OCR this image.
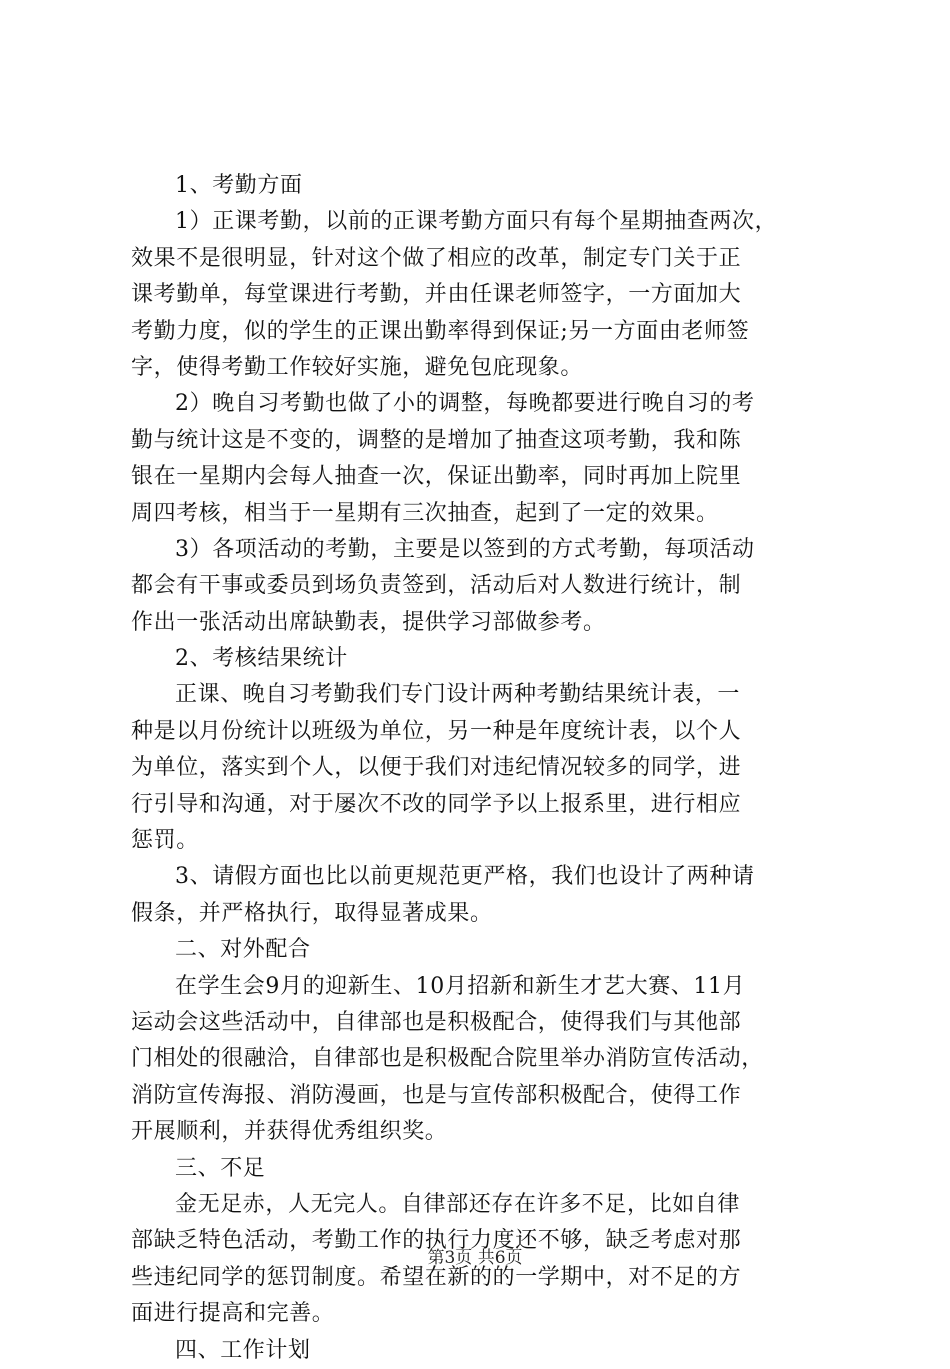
1、考勤方面
1）正课考勤，以前的正课考勤方面只有每个星期抽查两次，
效果不是很明显，针对这个做了相应的改革，制定专门关于正
课考勤单，每堂课进行考勤，并由任课老师签字，一方面加大
考勤力度，似的学生的正课出勤率得到保证;另一方面由老师签
字，使得考勤工作较好实施，避免包庇现象。
2）晚自习考勤也做了小的调整，每晚都要进行晚自习的考
勤与统计这是不变的，调整的是增加了抽查这项考勤，我和陈
银在一星期内会每人抽查一次，保证出勤率，同时再加上院里
周四考核，相当于一星期有三次抽查，起到了一定的效果。
3）各项活动的考勤，主要是以签到的方式考勤，每项活动
都会有干事或委员到场负责签到，活动后对人数进行统计，制
作出一张活动出席缺勤表，提供学习部做参考。
2、考核结果统计
正课、晚自习考勤我们专门设计两种考勤结果统计表，一
种是以月份统计以班级为单位，另一种是年度统计表，以个人
为单位，落实到个人，以便于我们对违纪情况较多的同学，进
行引导和沟通，对于屡次不改的同学予以上报系里，进行相应
惩罚。
3、请假方面也比以前更规范更严格，我们也设计了两种请
假条，并严格执行，取得显著成果。
二、对外配合
在学生会9月的迎新生、10月招新和新生才艺大赛、11月
运动会这些活动中，自律部也是积极配合，使得我们与其他部
门相处的很融洽，自律部也是积极配合院里举办消防宣传活动，
消防宣传海报、消防漫画，也是与宣传部积极配合，使得工作
开展顺利，并获得优秀组织奖。
三、不足
金无足赤，人无完人。自律部还存在许多不足，比如自律
部缺乏特色活动，考勤工作的执行力度还不够，缺乏考虑对那
些违纪同学的惩罚制度。希望在新的的一学期中，对不足的方
面进行提高和完善。
四、工作计划
第3页 共6页
